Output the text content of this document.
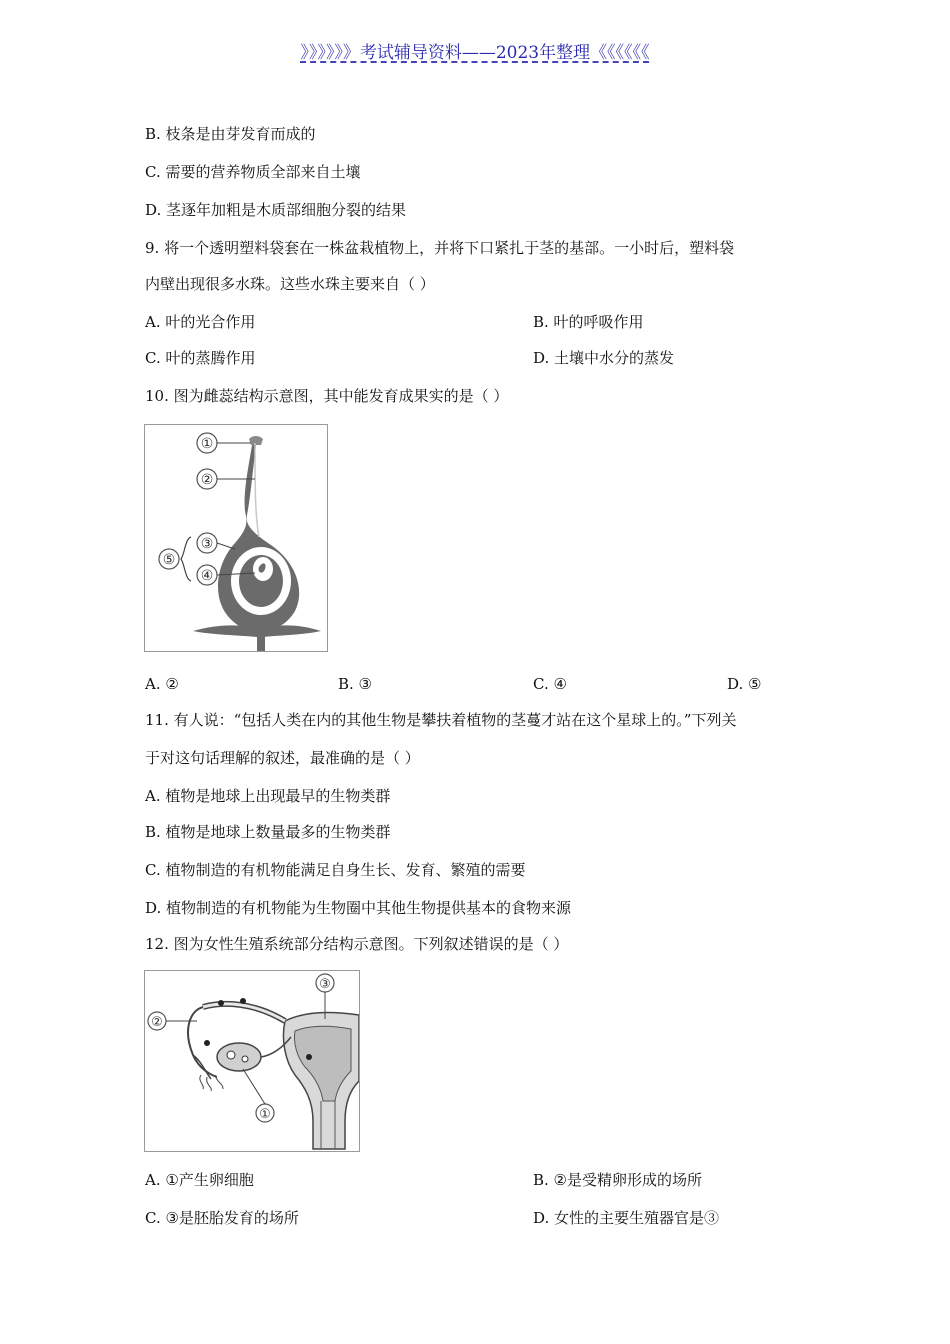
》》》》》》考试辅导资料——2023年整理《《《《《《
B. 枝条是由芽发育而成的
C. 需要的营养物质全部来自土壤
D. 茎逐年加粗是木质部细胞分裂的结果
9. 将一个透明塑料袋套在一株盆栽植物上，并将下口紧扎于茎的基部。一小时后，塑料袋
内壁出现很多水珠。这些水珠主要来自（ ）
A. 叶的光合作用	B. 叶的呼吸作用
C. 叶的蒸腾作用	D. 土壤中水分的蒸发
10. 图为雌蕊结构示意图，其中能发育成果实的是（ ）
①
②
③
④
⑤
A. ②	B. ③	C. ④	D. ⑤
11. 有人说：“包括人类在内的其他生物是攀扶着植物的茎蔓才站在这个星球上的。”下列关
于对这句话理解的叙述，最准确的是（ ）
A. 植物是地球上出现最早的生物类群
B. 植物是地球上数量最多的生物类群
C. 植物制造的有机物能满足自身生长、发育、繁殖的需要
D. 植物制造的有机物能为生物圈中其他生物提供基本的食物来源
12. 图为女性生殖系统部分结构示意图。下列叙述错误的是（ ）
③
②
①
A. ①产生卵细胞	B. ②是受精卵形成的场所
C. ③是胚胎发育的场所	D. 女性的主要生殖器官是③
